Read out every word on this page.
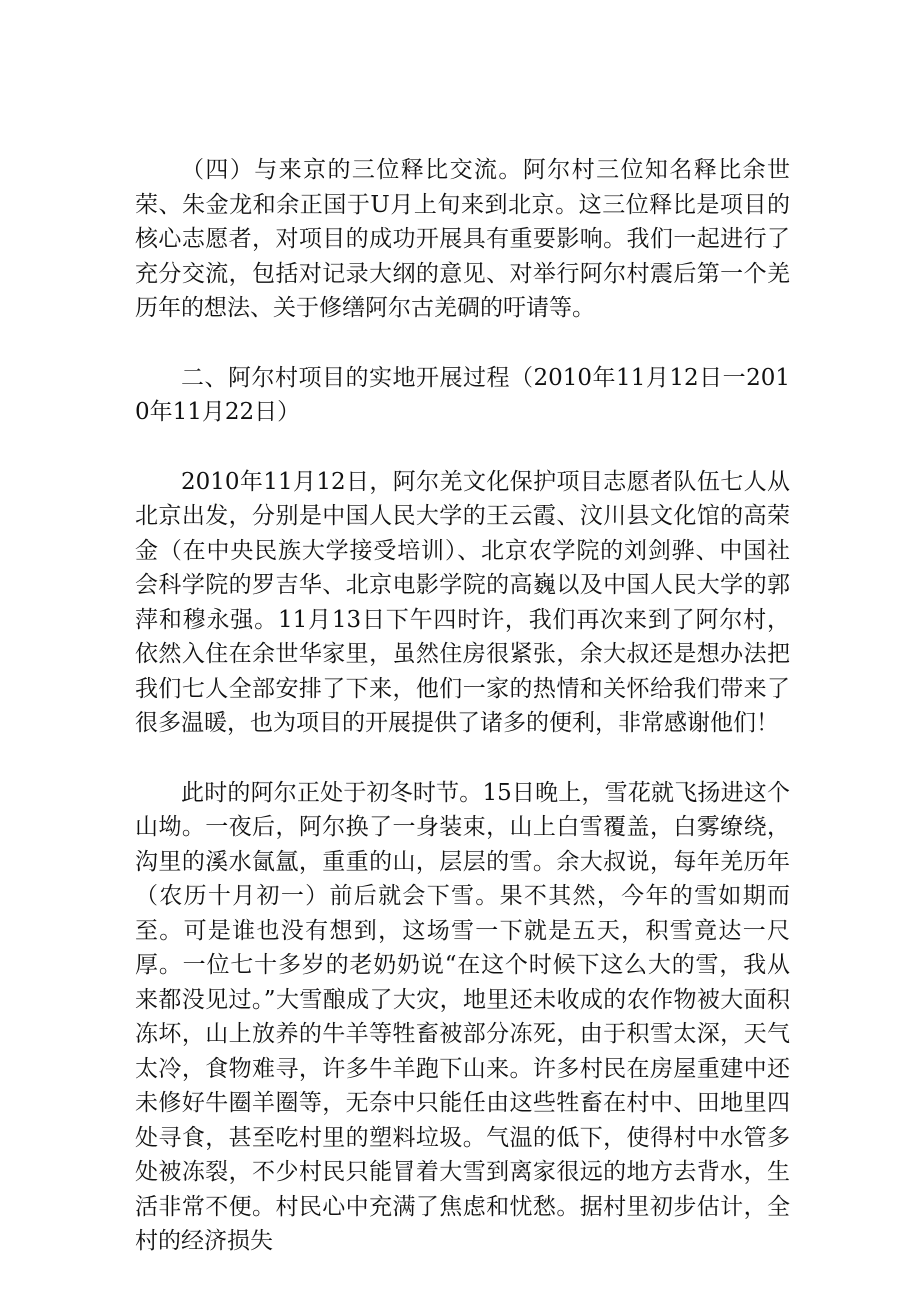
（四）与来京的三位释比交流。阿尔村三位知名释比余世荣、朱金龙和余正国于U月上旬来到北京。这三位释比是项目的核心志愿者，对项目的成功开展具有重要影响。我们一起进行了充分交流，包括对记录大纲的意见、对举行阿尔村震后第一个羌历年的想法、关于修缮阿尔古羌碉的吁请等。

二、阿尔村项目的实地开展过程（2010年11月12日一2010年11月22日）

2010年11月12日，阿尔羌文化保护项目志愿者队伍七人从北京出发，分别是中国人民大学的王云霞、汶川县文化馆的高荣金（在中央民族大学接受培训）、北京农学院的刘剑骅、中国社会科学院的罗吉华、北京电影学院的高巍以及中国人民大学的郭萍和穆永强。11月13日下午四时许，我们再次来到了阿尔村，依然入住在余世华家里，虽然住房很紧张，余大叔还是想办法把我们七人全部安排了下来，他们一家的热情和关怀给我们带来了很多温暖，也为项目的开展提供了诸多的便利，非常感谢他们！

此时的阿尔正处于初冬时节。15日晚上，雪花就飞扬进这个山坳。一夜后，阿尔换了一身装束，山上白雪覆盖，白雾缭绕，沟里的溪水氤氲，重重的山，层层的雪。余大叔说，每年羌历年（农历十月初一）前后就会下雪。果不其然，今年的雪如期而至。可是谁也没有想到，这场雪一下就是五天，积雪竟达一尺厚。一位七十多岁的老奶奶说“在这个时候下这么大的雪，我从来都没见过。”大雪酿成了大灾，地里还未收成的农作物被大面积冻坏，山上放养的牛羊等牲畜被部分冻死，由于积雪太深，天气太冷，食物难寻，许多牛羊跑下山来。许多村民在房屋重建中还未修好牛圈羊圈等，无奈中只能任由这些牲畜在村中、田地里四处寻食，甚至吃村里的塑料垃圾。气温的低下，使得村中水管多处被冻裂，不少村民只能冒着大雪到离家很远的地方去背水，生活非常不便。村民心中充满了焦虑和忧愁。据村里初步估计，全村的经济损失
